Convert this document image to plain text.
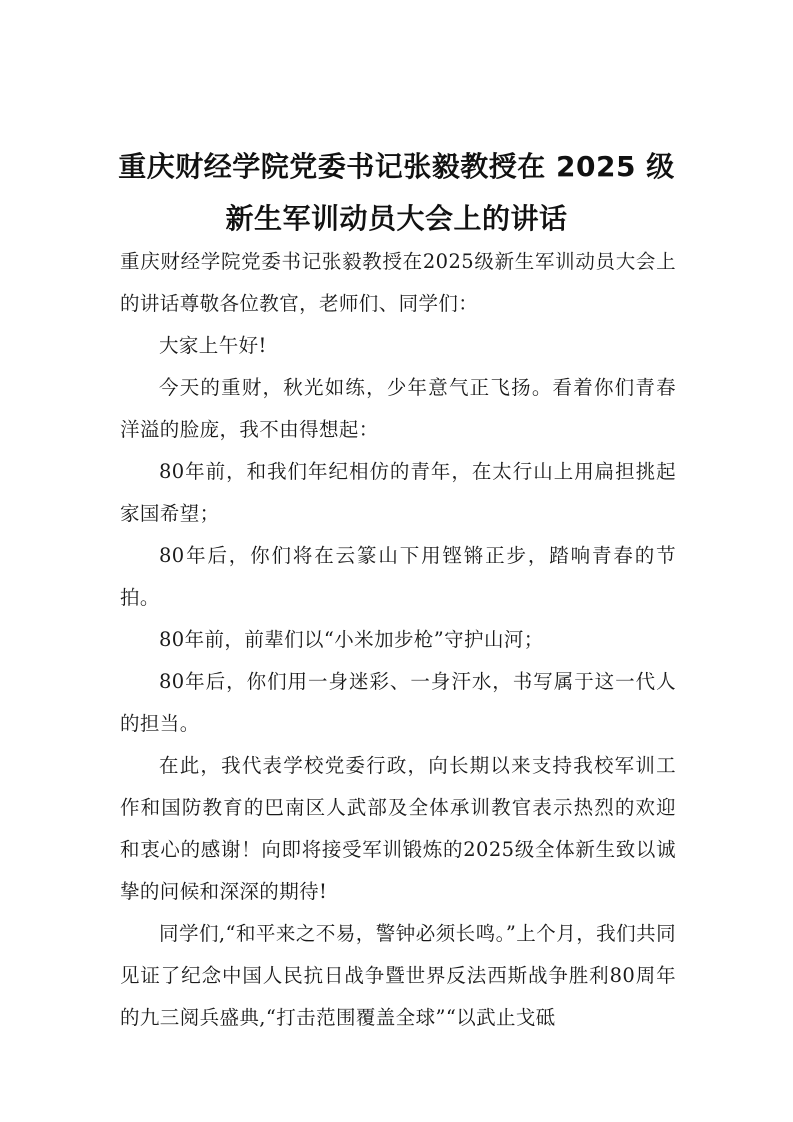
重庆财经学院党委书记张毅教授在 2025 级
新生军训动员大会上的讲话

重庆财经学院党委书记张毅教授在2025级新生军训动员大会上的讲话尊敬各位教官，老师们、同学们：

大家上午好!

今天的重财，秋光如练，少年意气正飞扬。看着你们青春洋溢的脸庞，我不由得想起：

80年前，和我们年纪相仿的青年，在太行山上用扁担挑起家国希望；

80年后，你们将在云篆山下用铿锵正步，踏响青春的节拍。

80年前，前辈们以“小米加步枪”守护山河；

80年后，你们用一身迷彩、一身汗水，书写属于这一代人的担当。

在此，我代表学校党委行政，向长期以来支持我校军训工作和国防教育的巴南区人武部及全体承训教官表示热烈的欢迎和衷心的感谢！向即将接受军训锻炼的2025级全体新生致以诚挚的问候和深深的期待!

同学们,“和平来之不易，警钟必须长鸣。”上个月，我们共同见证了纪念中国人民抗日战争暨世界反法西斯战争胜利80周年的九三阅兵盛典,“打击范围覆盖全球”“以武止戈砥
